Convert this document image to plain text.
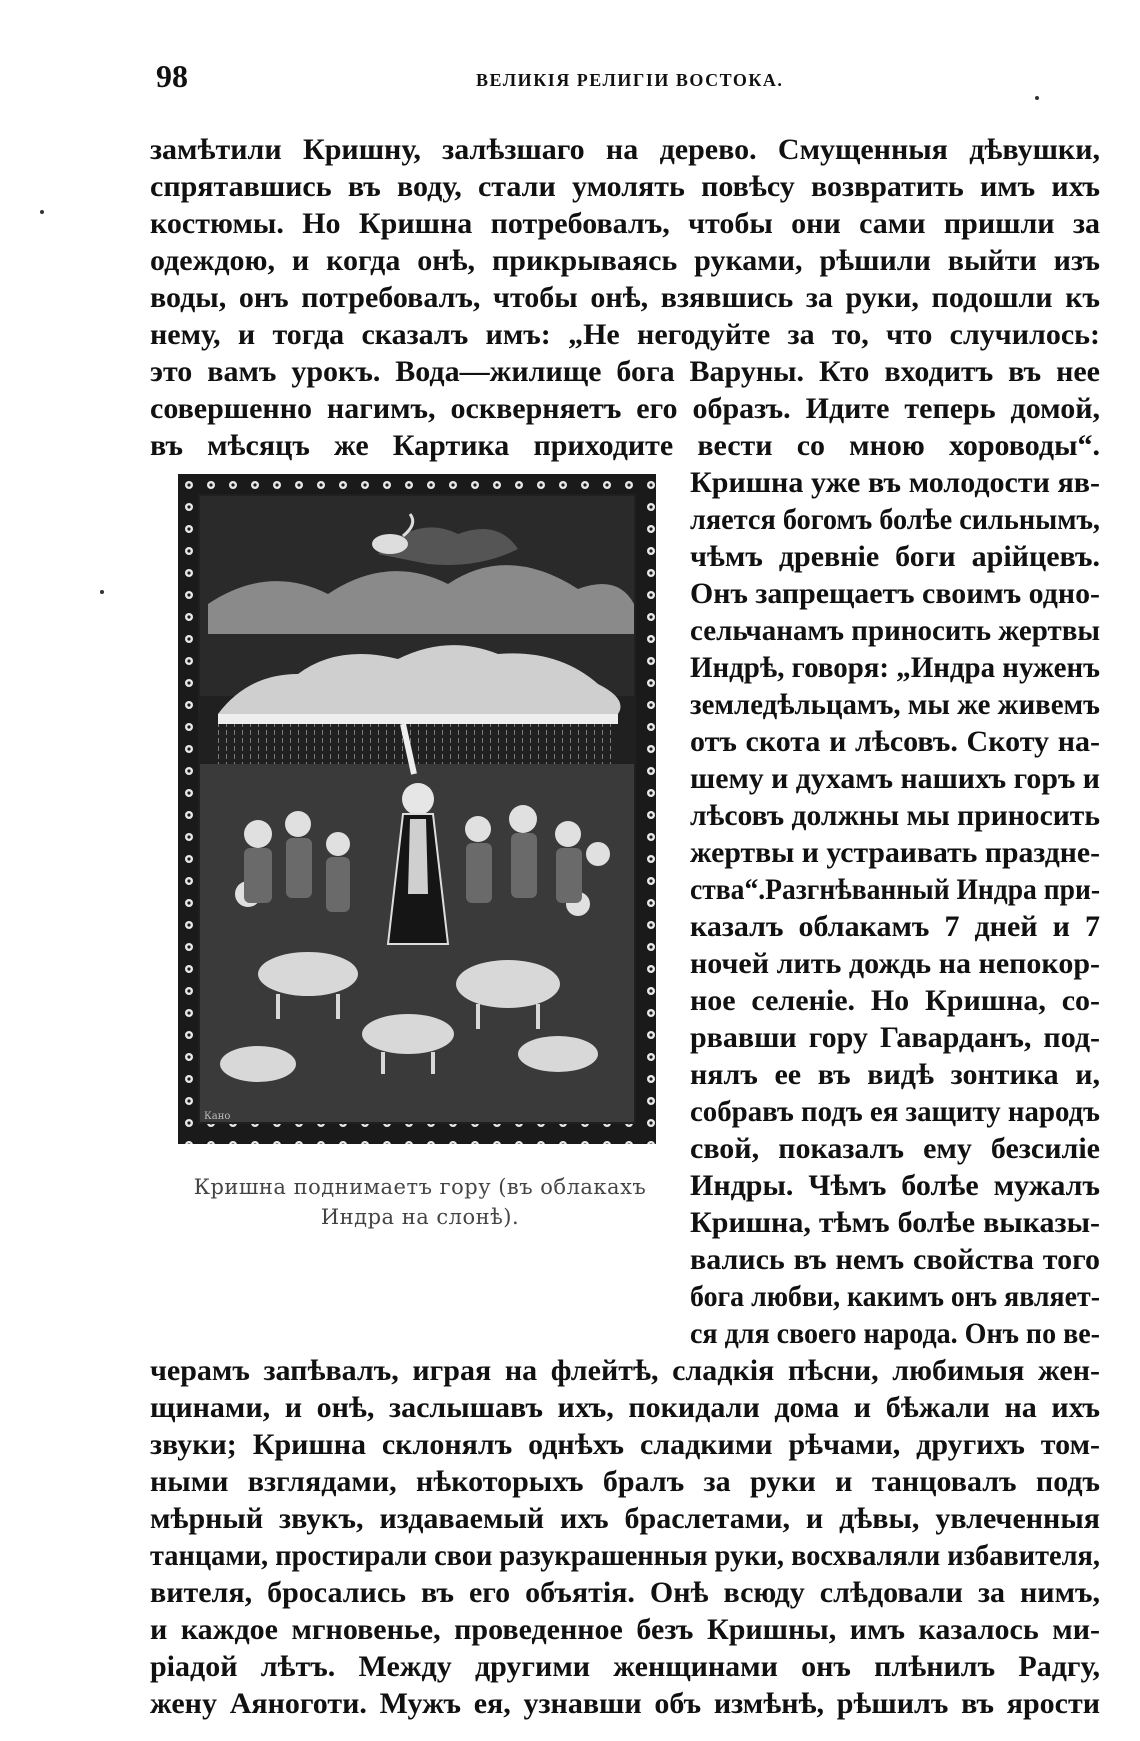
98	ВЕЛИКІЯ РЕЛИГІИ ВОСТОКА.
замѣтили Кришну, залѣзшаго на дерево. Смущенныя дѣвушки,
спрятавшись въ воду, стали умолять повѣсу возвратить имъ ихъ
костюмы. Но Кришна потребовалъ, чтобы они сами пришли за
одеждою, и когда онѣ, прикрываясь руками, рѣшили выйти изъ
воды, онъ потребовалъ, чтобы онѣ, взявшись за руки, подошли къ
нему, и тогда сказалъ имъ: „Не негодуйте за то, что случилось:
это вамъ урокъ. Вода—жилище бога Варуны. Кто входитъ въ нее
совершенно нагимъ, оскверняетъ его образъ. Идите теперь домой,
въ мѣсяцъ же Картика приходите вести со мною хороводы“.
Кришна уже въ молодости яв-
ляется богомъ болѣе сильнымъ,
чѣмъ древніе боги арійцевъ.
Онъ запрещаетъ своимъ одно-
сельчанамъ приносить жертвы
Индрѣ, говоря: „Индра нуженъ
земледѣльцамъ, мы же живемъ
отъ скота и лѣсовъ. Скоту на-
шему и духамъ нашихъ горъ и
лѣсовъ должны мы приносить
жертвы и устраивать праздне-
ства“.Разгнѣванный Индра при-
казалъ облакамъ 7 дней и 7
ночей лить дождь на непокор-
ное селеніе. Но Кришна, со-
рвавши гору Гаварданъ, под-
нялъ ее въ видѣ зонтика и,
собравъ подъ ея защиту народъ
свой, показалъ ему безсиліе
Индры. Чѣмъ болѣе мужалъ
Кришна, тѣмъ болѣе выказы-
вались въ немъ свойства того
бога любви, какимъ онъ являет-
ся для своего народа. Онъ по ве-
черамъ запѣвалъ, играя на флейтѣ, сладкія пѣсни, любимыя жен-
щинами, и онѣ, заслышавъ ихъ, покидали дома и бѣжали на ихъ
звуки; Кришна склонялъ однѣхъ сладкими рѣчами, другихъ том-
ными взглядами, нѣкоторыхъ бралъ за руки и танцовалъ подъ
мѣрный звукъ, издаваемый ихъ браслетами, и дѣвы, увлеченныя
танцами, простирали свои разукрашенныя руки, восхваляли избавителя,
вителя, бросались въ его объятія. Онѣ всюду слѣдовали за нимъ,
и каждое мгновенье, проведенное безъ Кришны, имъ казалось ми-
ріадой лѣтъ. Между другими женщинами онъ плѣнилъ Радгу,
жену Аяноготи. Мужъ ея, узнавши объ измѣнѣ, рѣшилъ въ ярости
Кано
Кришна поднимаетъ гору (въ облакахъ
Индра на слонѣ).
